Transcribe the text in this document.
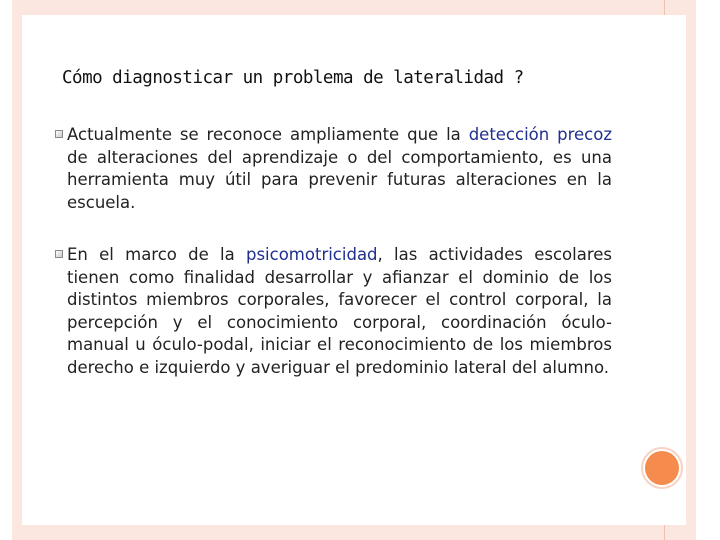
Cómo diagnosticar un problema de lateralidad ?
Actualmente se reconoce ampliamente que la detección precoz de alteraciones del aprendizaje o del comportamiento, es una herramienta muy útil para prevenir futuras alteraciones en la escuela.
En el marco de la psicomotricidad, las actividades escolares tienen como finalidad desarrollar y afianzar el dominio de los distintos miembros corporales, favorecer el control corporal, la percepción y el conocimiento corporal, coordinación óculo-manual u óculo-podal, iniciar el reconocimiento de los miembros derecho e izquierdo y averiguar el predominio lateral del alumno.
